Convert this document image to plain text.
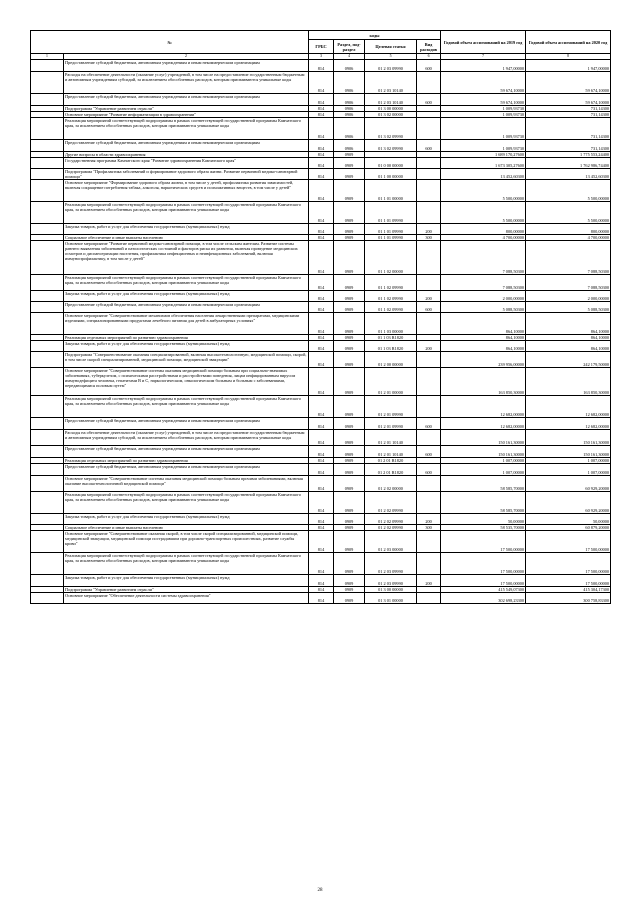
№		коды				Годовой объем ассигнований на 2019 год	Годовой объем ассигнований на 2020 год
		ГРБС	Раздел, под-раздел	Целевая статья	Вид расходов		
1	2	3	4	5	6	7	8
	Предоставление субсидий бюджетным, автономным учреждениям и иным некоммерческим организациям	814	0906	01 2 03 09990	600	1 947,00000	1 947,00000
	Расходы на обеспечение деятельности (оказание услуг) учреждений, в том числе на предоставление государственным бюджетным и автономным учреждениям субсидий, за исключением обособленных расходов, которым присваиваются уникальные коды	814	0906	01 2 03 10140		59 674,10000	59 674,10000
	Предоставление субсидий бюджетным, автономным учреждениям и иным некоммерческим организациям	814	0906	01 2 03 10140	600	59 674,10000	59 674,10000
	Подпрограмма "Управление развитием отрасли"	814	0906	01 3 00 00000		1 009,93730	731,14300
	Основное мероприятие "Развитие информатизации в здравоохранении"	814	0906	01 3 02 00000		1 009,93730	731,14300
	Реализация мероприятий соответствующей подпрограммы в рамках соответствующей государственной программы Камчатского края, за исключением обособленных расходов, которым присваиваются уникальные коды	814	0906	01 3 02 09990		1 009,93730	731,14300
	Предоставление субсидий бюджетным, автономным учреждениям и иным некоммерческим организациям	814	0906	01 3 02 09990	600	1 009,93730	731,14300
	Другие вопросы в области здравоохранения	814	0909			1 689 170,27600	1 775 553,24400
	Государственная программа Камчатского края "Развитие здравоохранения Камчатского края"	814	0909	01 0 00 00000		1 673 305,27600	1 762 986,74400
	Подпрограмма "Профилактика заболеваний и формирование здорового образа жизни. Развитие первичной медико-санитарной помощи"	814	0909	01 1 00 00000		13 452,60300	13 452,60300
	Основное мероприятие "Формирование здорового образа жизни, в том числе у детей, профилактика развития зависимостей, включая сокращение потребления табака, алкоголя, наркотических средств и психоактивных веществ, в том числе у детей"	814	0909	01 1 01 00000		5 500,00000	5 500,00000
	Реализация мероприятий соответствующей подпрограммы в рамках соответствующей государственной программы Камчатского края, за исключением обособленных расходов, которым присваиваются уникальные коды	814	0909	01 1 01 09990		5 500,00000	5 500,00000
	Закупка товаров, работ и услуг для обеспечения государственных (муниципальных) нужд	814	0909	01 1 01 09990	200	800,00000	800,00000
	Социальное обеспечение и иные выплаты населению	814	0909	01 1 01 09990	300	4 700,00000	4 700,00000
	Основное мероприятие "Развитие первичной медико-санитарной помощи, в том числе сельским жителям. Развитие системы раннего выявления заболеваний и патологических состояний и факторов риска их развития, включая проведение медицинских осмотров и диспансеризации населения, профилактика инфекционных и неинфекционных заболеваний, включая иммунопрофилактику, в том числе у детей"	814	0909	01 1 02 00000		7 088,50300	7 088,50300
	Реализация мероприятий соответствующей подпрограммы в рамках соответствующей государственной программы Камчатского края, за исключением обособленных расходов, которым присваиваются уникальные коды	814	0909	01 1 02 09990		7 088,50300	7 088,50300
	Закупка товаров, работ и услуг для обеспечения государственных (муниципальных) нужд	814	0909	01 1 02 09990	200	2 000,00000	2 000,00000
	Предоставление субсидий бюджетным, автономным учреждениям и иным некоммерческим организациям	814	0909	01 1 02 09990	600	5 088,50300	5 088,50300
	Основное мероприятие "Совершенствование механизмов обеспечения населения лекарственными препаратами, медицинскими изделиями, специализированными продуктами лечебного питания для детей в амбулаторных условиях"	814	0909	01 1 03 00000		864,10000	864,10000
	Реализация отдельных мероприятий по развитию здравоохранения	814	0909	01 1 03 R1820		864,10000	864,10000
	Закупка товаров, работ и услуг для обеспечения государственных (муниципальных) нужд	814	0909	01 1 03 R1820	200	864,10000	864,10000
	Подпрограмма "Совершенствование оказания специализированной, включая высокотехнологичную, медицинской помощи, скорой, в том числе скорой специализированной, медицинской помощи, медицинской эвакуации"	814	0909	01 2 00 00000		239 956,00000	242 179,50000
	Основное мероприятие "Совершенствование системы оказания медицинской помощи больным при социально-значимых заболеваниях, туберкулезом, с психическими расстройствами и расстройствами поведения, лицам инфицированным вирусом иммунодефицита человека, гепатитами B и C, наркологическим, онкологическим больным и больным с заболеваниями, передающимися половым путем"	814	0909	01 2 01 00000		163 850,30000	163 850,30000
	Реализация мероприятий соответствующей подпрограммы в рамках соответствующей государственной программы Камчатского края, за исключением обособленных расходов, которым присваиваются уникальные коды	814	0909	01 2 01 09990		12 682,00000	12 682,00000
	Предоставление субсидий бюджетным, автономным учреждениям и иным некоммерческим организациям	814	0909	01 2 01 09990	600	12 682,00000	12 682,00000
	Расходы на обеспечение деятельности (оказание услуг) учреждений, в том числе на предоставление государственным бюджетным и автономным учреждениям субсидий, за исключением обособленных расходов, которым присваиваются уникальные коды	814	0909	01 2 01 10140		150 161,30000	150 161,30000
	Предоставление субсидий бюджетным, автономным учреждениям и иным некоммерческим организациям	814	0909	01 2 01 10140	600	150 161,30000	150 161,30000
	Реализация отдельных мероприятий по развитию здравоохранения	814	0909	01 2 01 R1820		1 007,00000	1 007,00000
	Предоставление субсидий бюджетным, автономным учреждениям и иным некоммерческим организациям	814	0909	01 2 01 R1820	600	1 007,00000	1 007,00000
	Основное мероприятие "Совершенствование системы оказания медицинской помощи больным прочими заболеваниями, включая оказание высокотехнологичной медицинской помощи"	814	0909	01 2 02 00000		58 585,70000	60 929,20000
	Реализация мероприятий соответствующей подпрограммы в рамках соответствующей государственной программы Камчатского края, за исключением обособленных расходов, которым присваиваются уникальные коды	814	0909	01 2 02 09990		58 585,70000	60 929,20000
	Закупка товаров, работ и услуг для обеспечения государственных (муниципальных) нужд	814	0909	01 2 02 09990	200	50,00000	50,00000
	Социальное обеспечение и иные выплаты населению	814	0909	01 2 02 09990	300	58 535,70000	60 879,20000
	Основное мероприятие "Совершенствование оказания скорой, в том числе скорой специализированной, медицинской помощи, медицинской эвакуации, медицинской помощи пострадавшим при дорожно-транспортных происшествиях, развитие службы крови"	814	0909	01 2 03 00000		17 500,00000	17 500,00000
	Реализация мероприятий соответствующей подпрограммы в рамках соответствующей государственной программы Камчатского края, за исключением обособленных расходов, которым присваиваются уникальные коды	814	0909	01 2 03 09990		17 500,00000	17 500,00000
	Закупка товаров, работ и услуг для обеспечения государственных (муниципальных) нужд	814	0909	01 2 03 09990	200	17 500,00000	17 500,00000
	Подпрограмма "Управление развитием отрасли"	814	0909	01 3 00 00000		415 549,07300	415 304,17300
	Основное мероприятие "Обеспечение деятельности системы здравоохранения"	814	0909	01 3 01 00000		302 698,23300	300 758,83300
28
